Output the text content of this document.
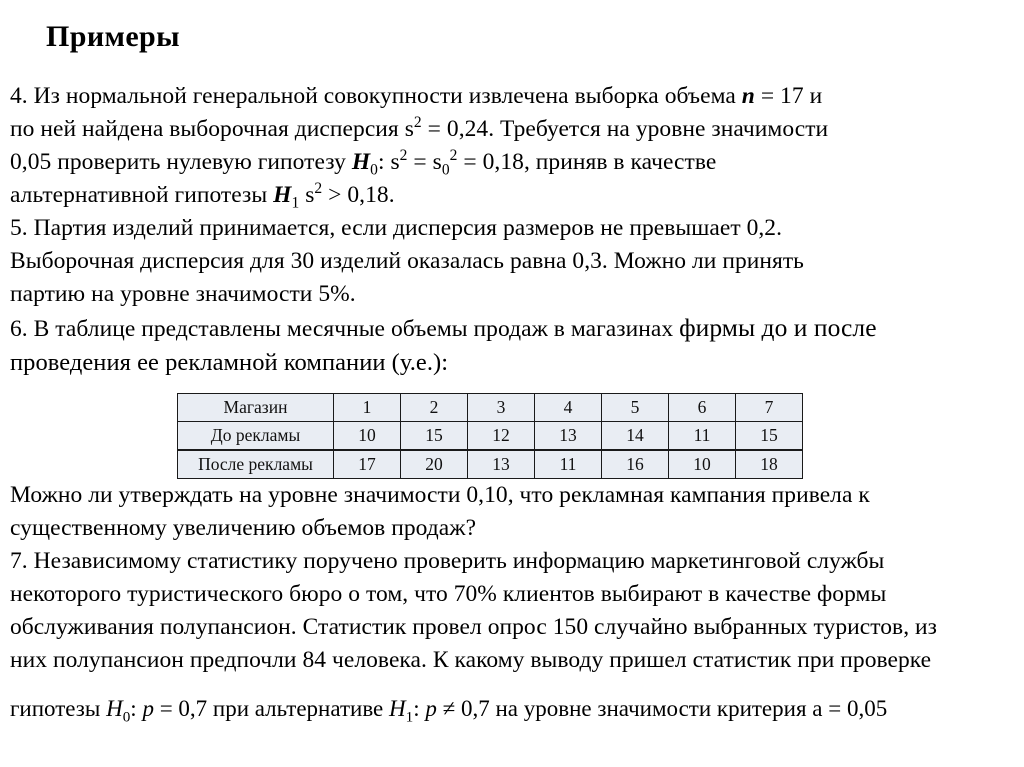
Примеры
4. Из нормальной генеральной совокупности извлечена выборка объема n = 17 и
по ней найдена выборочная дисперсия $s^2 = 0,24$. Требуется на уровне значимости
0,05 проверить нулевую гипотезу $H_0$: $s^2 = s_0^2 = 0,18$, приняв в качестве
альтернативной гипотезы $H_1$ $s^2 > 0,18$.
5. Партия изделий принимается, если дисперсия размеров не превышает 0,2.
Выборочная дисперсия для 30 изделий оказалась равна 0,3. Можно ли принять
партию на уровне значимости 5%.
6. В таблице представлены месячные объемы продаж в магазинах фирмы до и после
проведения ее рекламной компании (у.е.):
Можно ли утверждать на уровне значимости 0,10, что рекламная кампания привела к
существенному увеличению объемов продаж?
7. Независимому статистику поручено проверить информацию маркетинговой службы
некоторого туристического бюро о том, что 70% клиентов выбирают в качестве формы
обслуживания полупансион. Статистик провел опрос 150 случайно выбранных туристов, из
них полупансион предпочли 84 человека. К какому выводу пришел статистик при проверке
Магазин	1	2	3	4	5	6	7
До рекламы	10	15	12	13	14	11	15
После рекламы	17	20	13	11	16	10	18
гипотезы $H_0$: p = 0,7 при альтернативе $H_1$: p ≠ 0,7 на уровне значимости критерия a = 0,05
